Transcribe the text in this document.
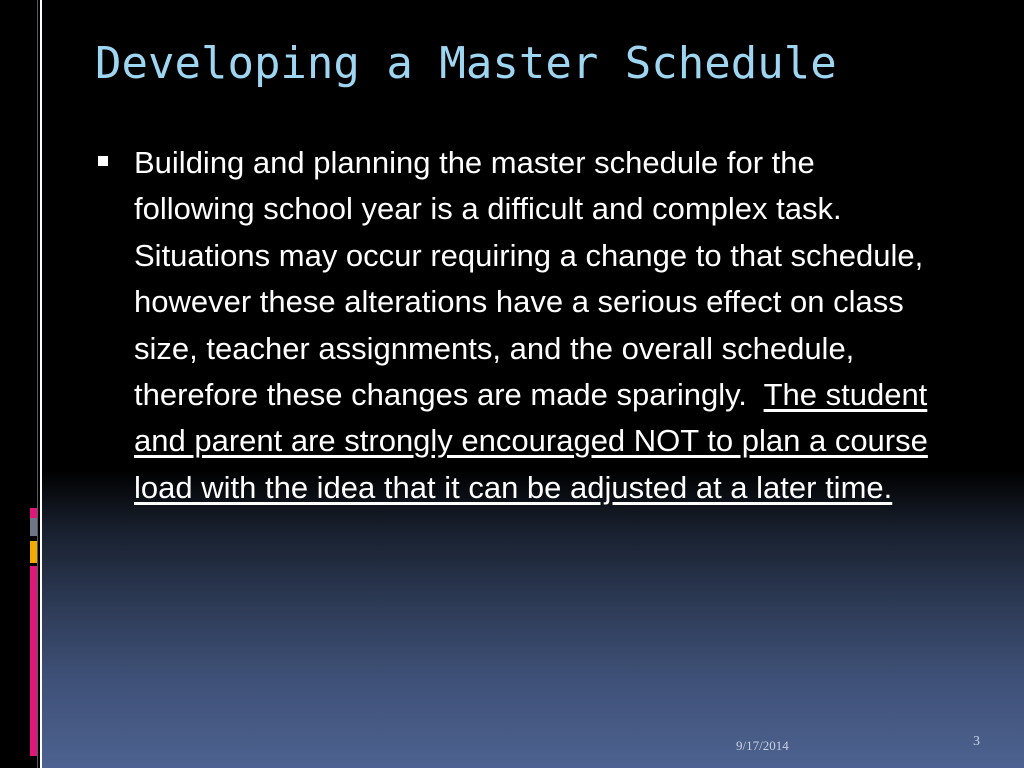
Developing a Master Schedule
Building and planning the master schedule for the following school year is a difficult and complex task.  Situations may occur requiring a change to that schedule, however these alterations have a serious effect on class size, teacher assignments, and the overall schedule, therefore these changes are made sparingly.  The student and parent are strongly encouraged NOT to plan a course load with the idea that it can be adjusted at a later time.
9/17/2014	3
